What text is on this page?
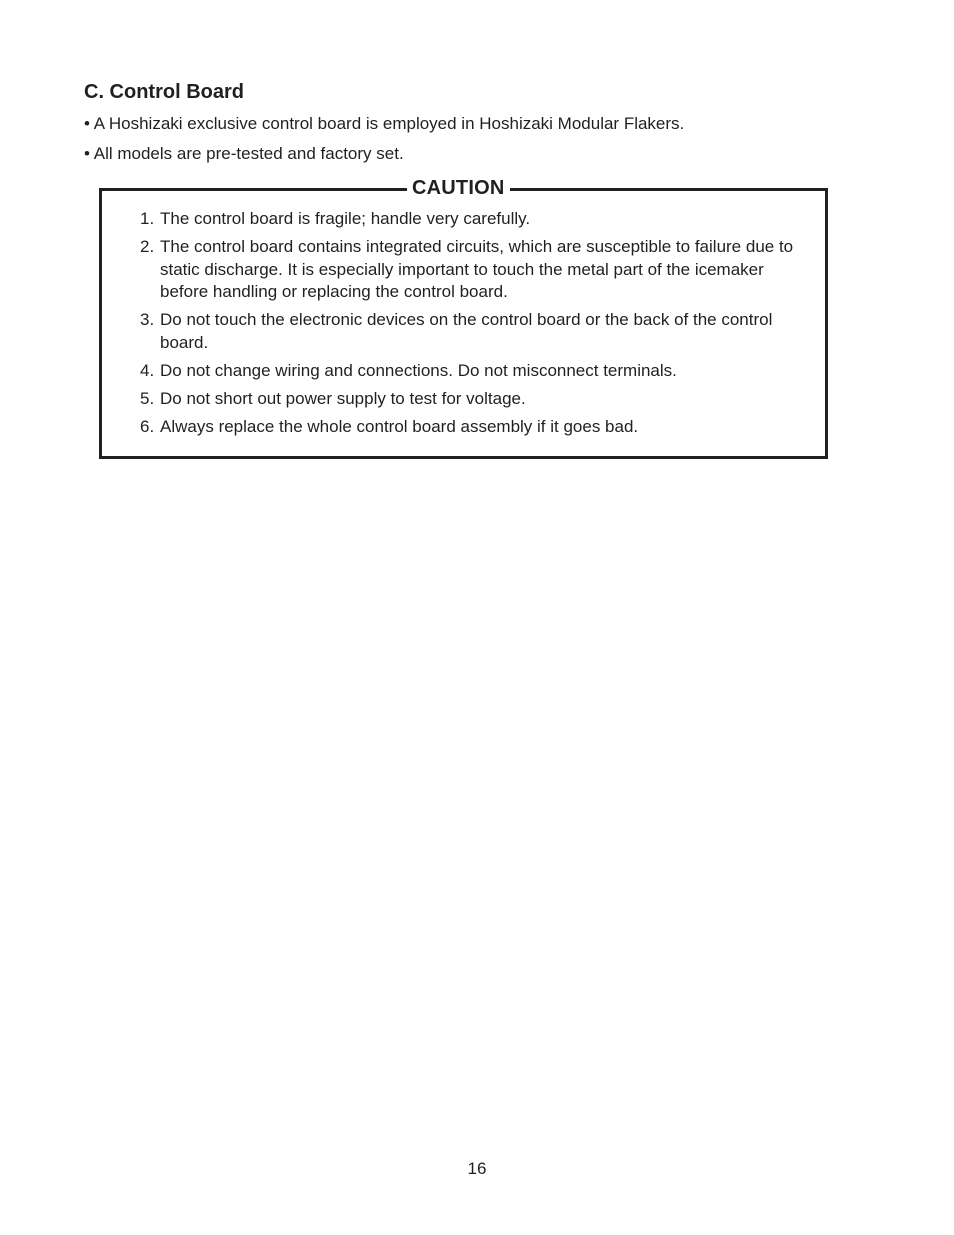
C. Control Board
• A Hoshizaki exclusive control board is employed in Hoshizaki Modular Flakers.
• All models are pre-tested and factory set.
CAUTION
1. The control board is fragile; handle very carefully.
2. The control board contains integrated circuits, which are susceptible to failure due to static discharge. It is especially important to touch the metal part of the icemaker before handling or replacing the control board.
3. Do not touch the electronic devices on the control board or the back of the control board.
4. Do not change wiring and connections. Do not misconnect terminals.
5. Do not short out power supply to test for voltage.
6. Always replace the whole control board assembly if it goes bad.
16
